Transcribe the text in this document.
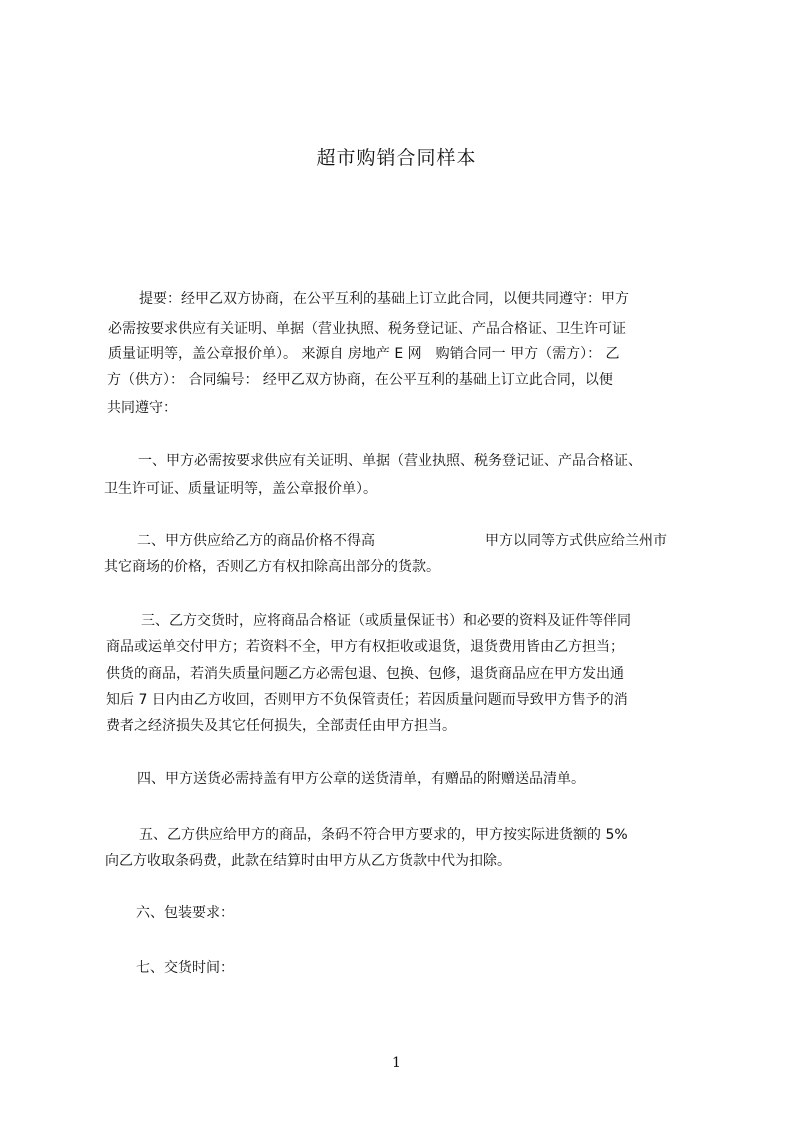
超市购销合同样本

提要：经甲乙双方协商，在公平互利的基础上订立此合同，以便共同遵守：甲方

必需按要求供应有关证明、单据（营业执照、税务登记证、产品合格证、卫生许可证

质量证明等，盖公章报价单）。 来源自 房地产 E 网　购销合同一 甲方（需方）： 乙

方（供方）： 合同编号： 经甲乙双方协商，在公平互利的基础上订立此合同，以便

共同遵守：

一、甲方必需按要求供应有关证明、单据（营业执照、税务登记证、产品合格证、

卫生许可证、质量证明等，盖公章报价单）。

二、甲方供应给乙方的商品价格不得高	甲方以同等方式供应给兰州市

其它商场的价格，否则乙方有权扣除高出部分的货款。

三、乙方交货时，应将商品合格证（或质量保证书）和必要的资料及证件等伴同

商品或运单交付甲方；若资料不全，甲方有权拒收或退货，退货费用皆由乙方担当；

供货的商品，若消失质量问题乙方必需包退、包换、包修，退货商品应在甲方发出通

知后 7 日内由乙方收回，否则甲方不负保管责任；若因质量问题而导致甲方售予的消

费者之经济损失及其它任何损失，全部责任由甲方担当。

四、甲方送货必需持盖有甲方公章的送货清单，有赠品的附赠送品清单。

五、乙方供应给甲方的商品，条码不符合甲方要求的，甲方按实际进货额的 5%

向乙方收取条码费，此款在结算时由甲方从乙方货款中代为扣除。

六、包装要求：

七、交货时间：

1
